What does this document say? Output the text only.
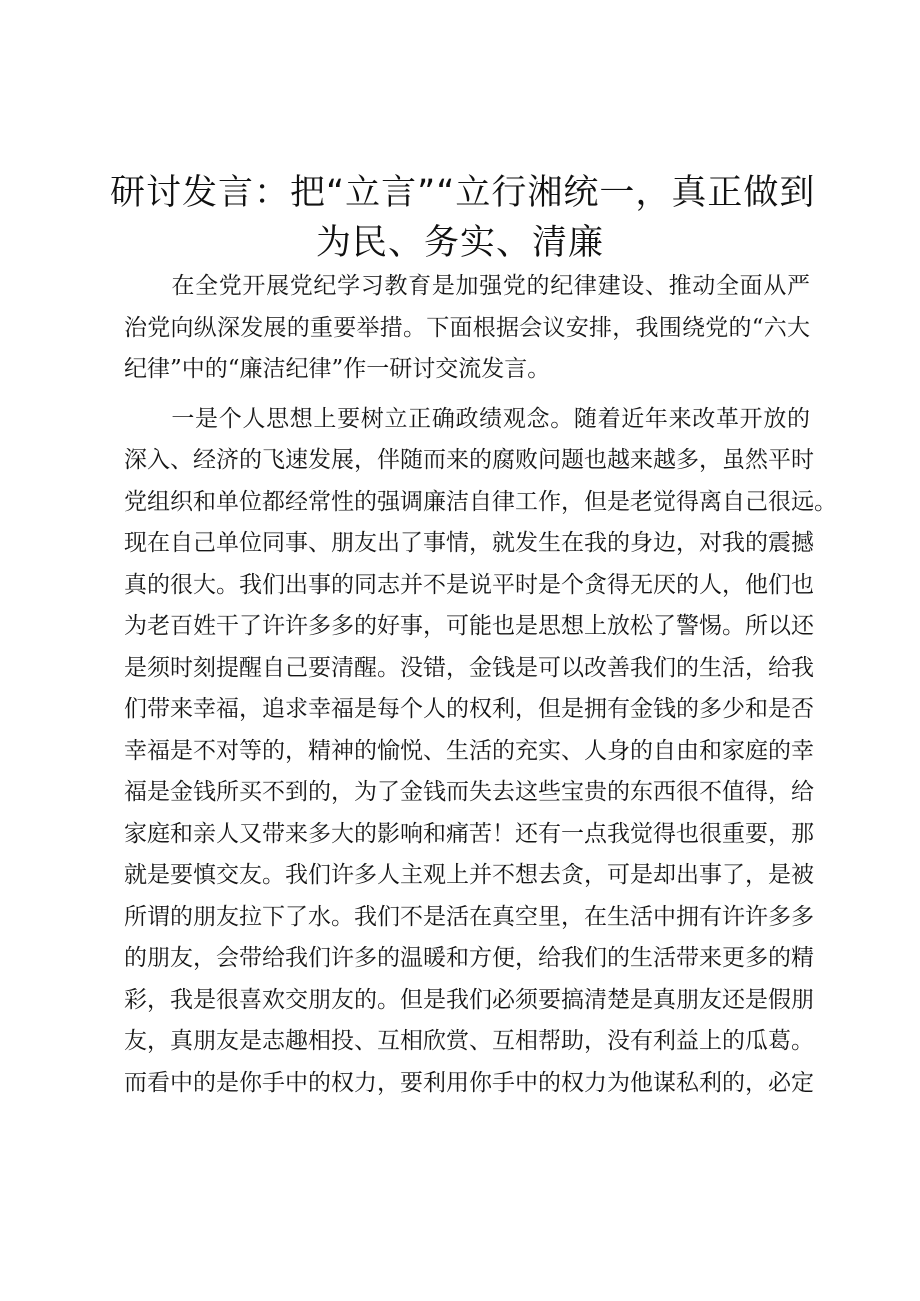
研讨发言：把“立言”“立行湘统一，真正做到
为民、务实、清廉

　　在全党开展党纪学习教育是加强党的纪律建设、推动全面从严
治党向纵深发展的重要举措。下面根据会议安排，我围绕党的“六大
纪律”中的“廉洁纪律”作一研讨交流发言。

　　一是个人思想上要树立正确政绩观念。随着近年来改革开放的
深入、经济的飞速发展，伴随而来的腐败问题也越来越多，虽然平时
党组织和单位都经常性的强调廉洁自律工作，但是老觉得离自己很远。
现在自己单位同事、朋友出了事情，就发生在我的身边，对我的震撼
真的很大。我们出事的同志并不是说平时是个贪得无厌的人，他们也
为老百姓干了许许多多的好事，可能也是思想上放松了警惕。所以还
是须时刻提醒自己要清醒。没错，金钱是可以改善我们的生活，给我
们带来幸福，追求幸福是每个人的权利，但是拥有金钱的多少和是否
幸福是不对等的，精神的愉悦、生活的充实、人身的自由和家庭的幸
福是金钱所买不到的，为了金钱而失去这些宝贵的东西很不值得，给
家庭和亲人又带来多大的影响和痛苦！还有一点我觉得也很重要，那
就是要慎交友。我们许多人主观上并不想去贪，可是却出事了，是被
所谓的朋友拉下了水。我们不是活在真空里，在生活中拥有许许多多
的朋友，会带给我们许多的温暖和方便，给我们的生活带来更多的精
彩，我是很喜欢交朋友的。但是我们必须要搞清楚是真朋友还是假朋
友，真朋友是志趣相投、互相欣赏、互相帮助，没有利益上的瓜葛。
而看中的是你手中的权力，要利用你手中的权力为他谋私利的，必定
